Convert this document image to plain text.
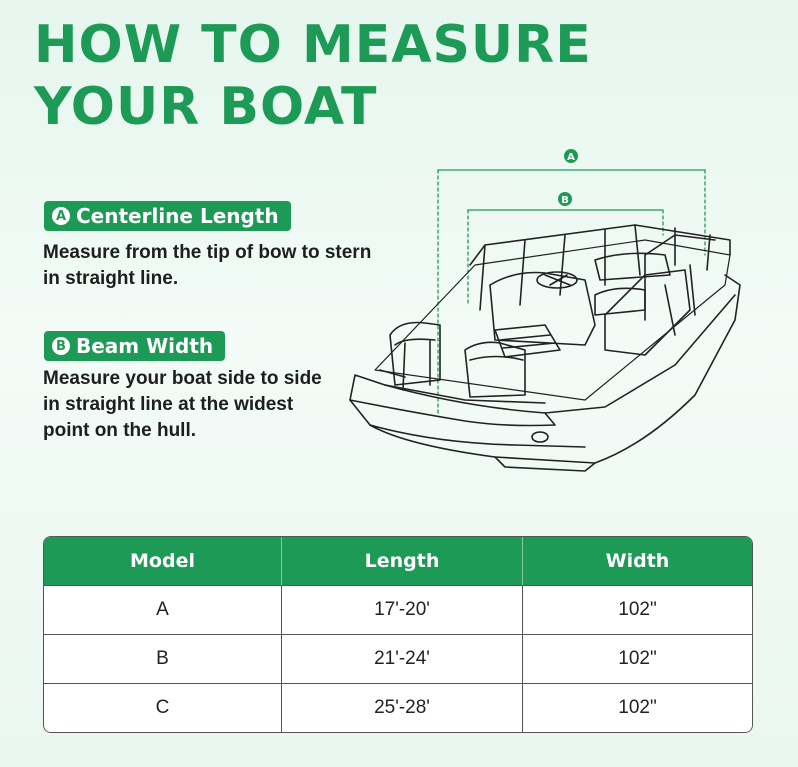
HOW TO MEASURE YOUR BOAT
A Centerline Length

Measure from the tip of bow to stern in straight line.

B Beam Width

Measure your boat side to side in straight line at the widest point on the hull.

A
B
Model	Length	Width
A	17'-20'	102"
B	21'-24'	102"
C	25'-28'	102"
